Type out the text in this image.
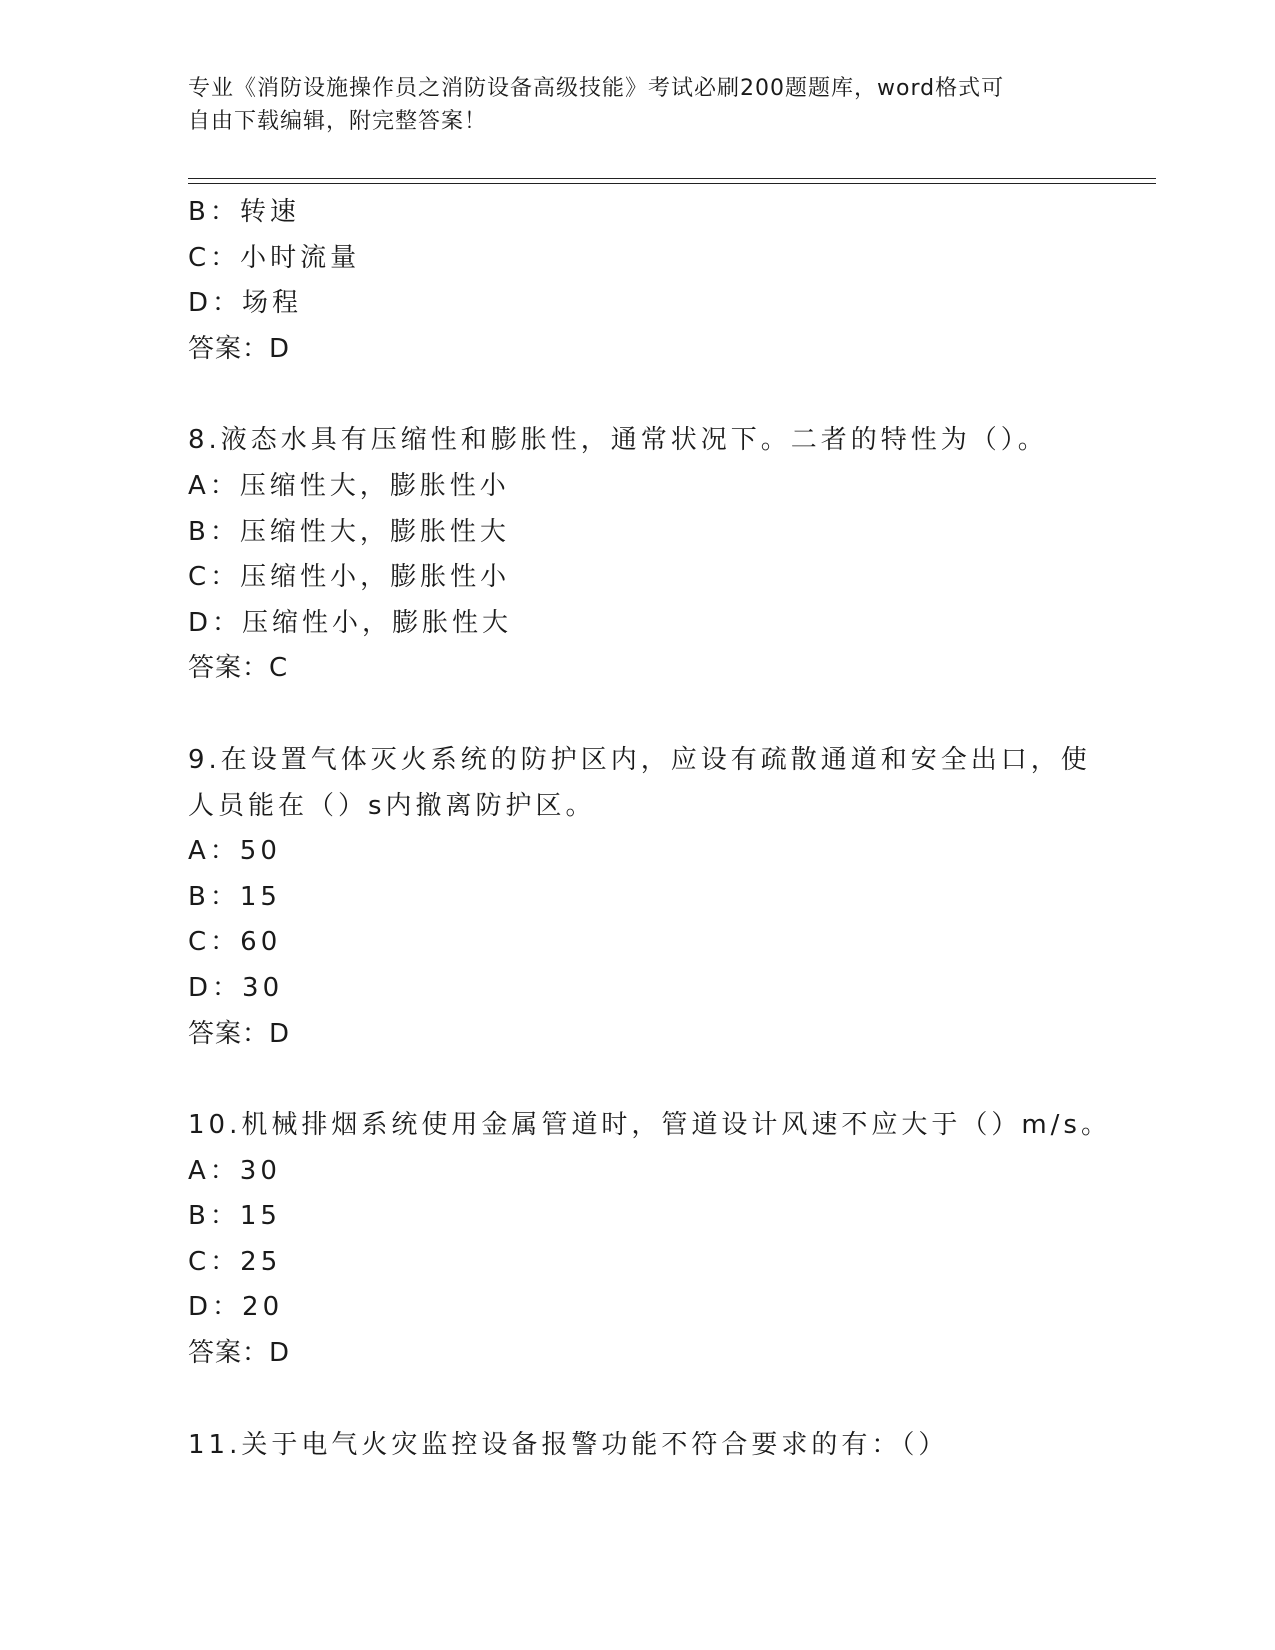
专业《消防设施操作员之消防设备高级技能》考试必刷200题题库，word格式可
自由下载编辑，附完整答案！
B：转速
C：小时流量
D：场程
答案：D
8.液态水具有压缩性和膨胀性，通常状况下。二者的特性为（）。
A：压缩性大，膨胀性小
B：压缩性大，膨胀性大
C：压缩性小，膨胀性小
D：压缩性小，膨胀性大
答案：C
9.在设置气体灭火系统的防护区内，应设有疏散通道和安全出口，使
人员能在（）s内撤离防护区。
A：50
B：15
C：60
D：30
答案：D
10.机械排烟系统使用金属管道时，管道设计风速不应大于（）m/s。
A：30
B：15
C：25
D：20
答案：D
11.关于电气火灾监控设备报警功能不符合要求的有：（）
